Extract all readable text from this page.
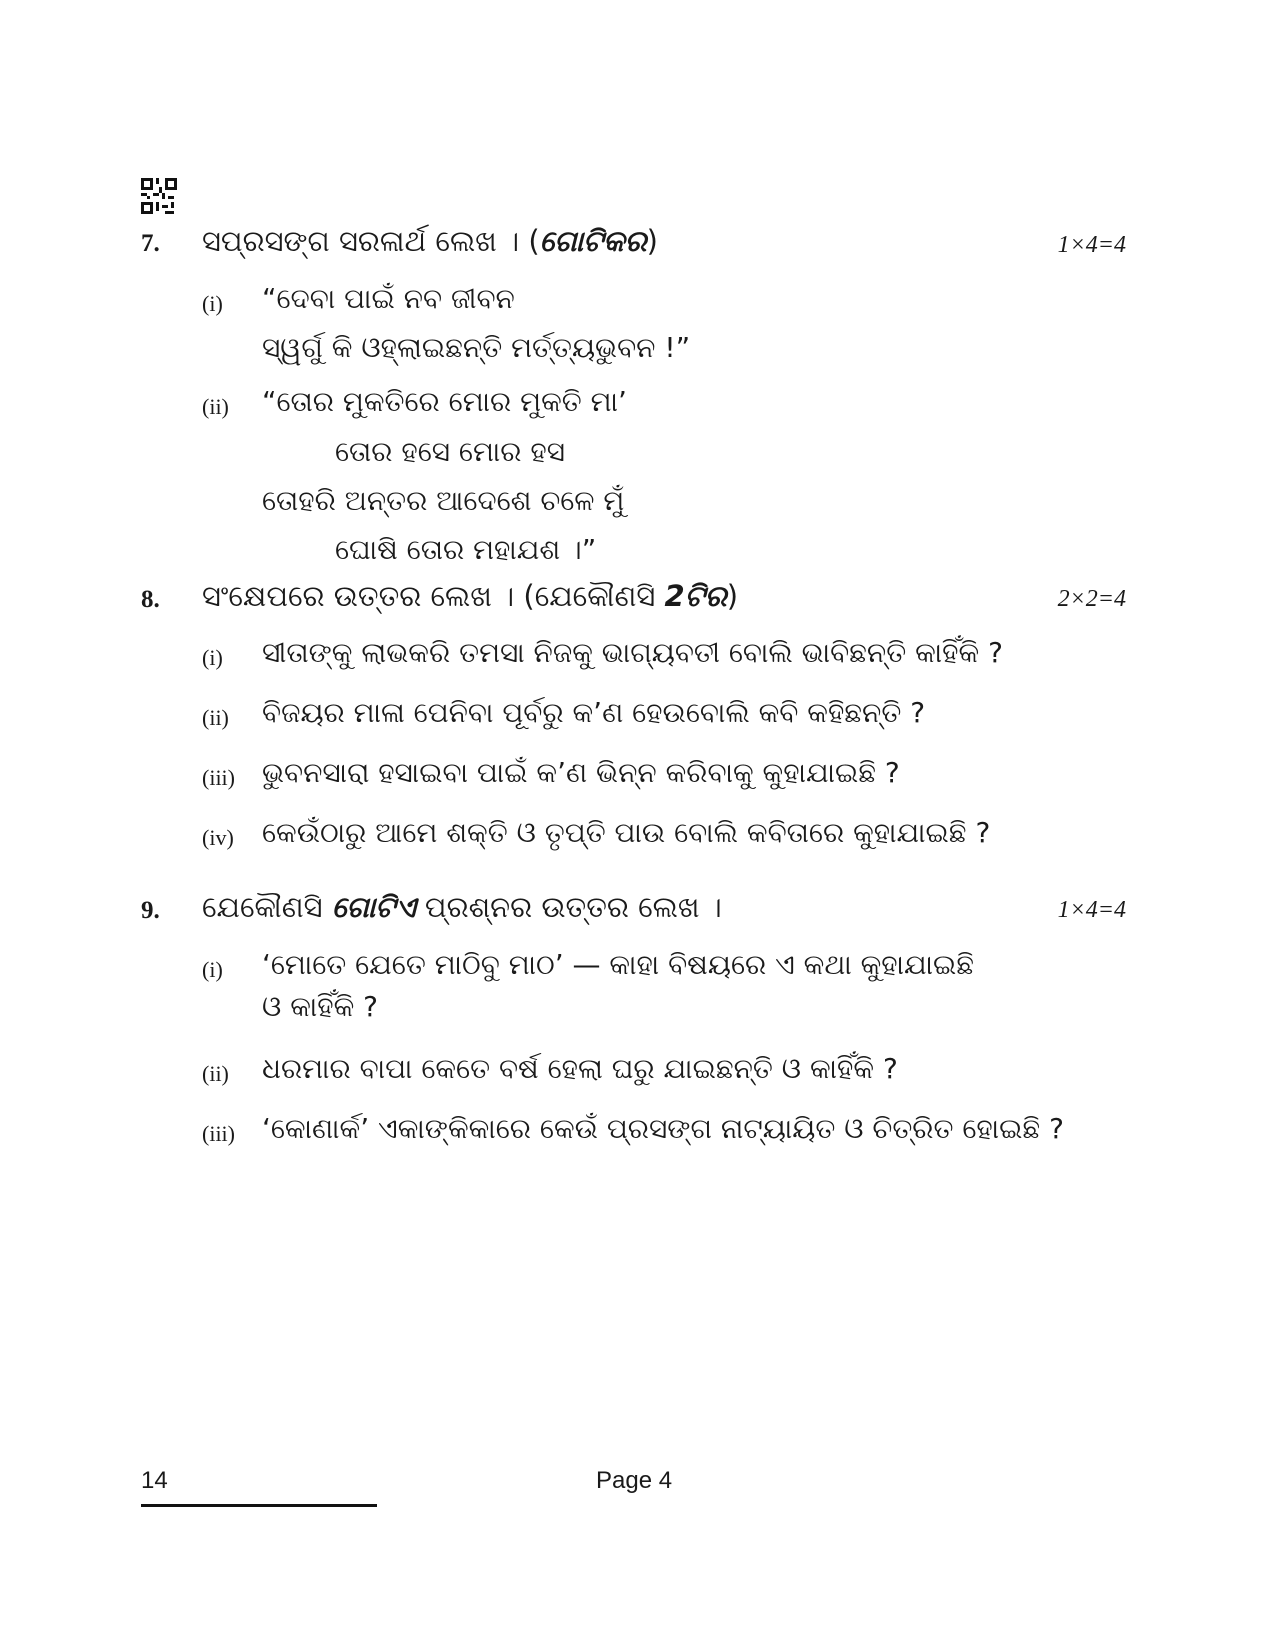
7. ସପ୍ରସଙ୍ଗ ସରଳାର୍ଥ ଲେଖ । (ଗୋଟିକର)	1×4=4
(i) “ଦେବା ପାଇଁ ନବ ଜୀବନ
ସ୍ୱର୍ଗୁ କି ଓହ୍ଲାଇଛନ୍ତି ମର୍ତ୍ତ୍ୟଭୁବନ !”
(ii) “ତୋର ମୁକତିରେ ମୋର ମୁକତି ମା’
ତୋର ହସେ ମୋର ହସ
ତୋହରି ଅନ୍ତର ଆଦେଶେ ଚଳେ ମୁଁ
ଘୋଷି ତୋର ମହାଯଶ ।”
8. ସଂକ୍ଷେପରେ ଉତ୍ତର ଲେଖ । (ଯେକୌଣସି 2ଟିର)	2×2=4
(i) ସୀତାଙ୍କୁ ଲାଭକରି ତମସା ନିଜକୁ ଭାଗ୍ୟବତୀ ବୋଲି ଭାବିଛନ୍ତି କାହିଁକି ?
(ii) ବିଜୟର ମାଳା ପେନିବା ପୂର୍ବରୁ କ’ଣ ହେଉବୋଲି କବି କହିଛନ୍ତି ?
(iii) ଭୁବନସାରା ହସାଇବା ପାଇଁ କ’ଣ ଭିନ୍ନ କରିବାକୁ କୁହାଯାଇଛି ?
(iv) କେଉଁଠାରୁ ଆମେ ଶକ୍ତି ଓ ତୃପ୍ତି ପାଉ ବୋଲି କବିତାରେ କୁହାଯାଇଛି ?
9. ଯେକୌଣସି ଗୋଟିଏ ପ୍ରଶ୍ନର ଉତ୍ତର ଲେଖ ।	1×4=4
(i) ‘ମୋତେ ଯେତେ ମାଠିବୁ ମାଠ’ — କାହା ବିଷୟରେ ଏ କଥା କୁହାଯାଇଛି
ଓ କାହିଁକି ?
(ii) ଧରମାର ବାପା କେତେ ବର୍ଷ ହେଲା ଘରୁ ଯାଇଛନ୍ତି ଓ କାହିଁକି ?
(iii) ‘କୋଣାର୍କ’ ଏକାଙ୍କିକାରେ କେଉଁ ପ୍ରସଙ୍ଗ ନାଟ୍ୟାୟିତ ଓ ଚିତ୍ରିତ ହୋଇଛି ?
14	Page 4
